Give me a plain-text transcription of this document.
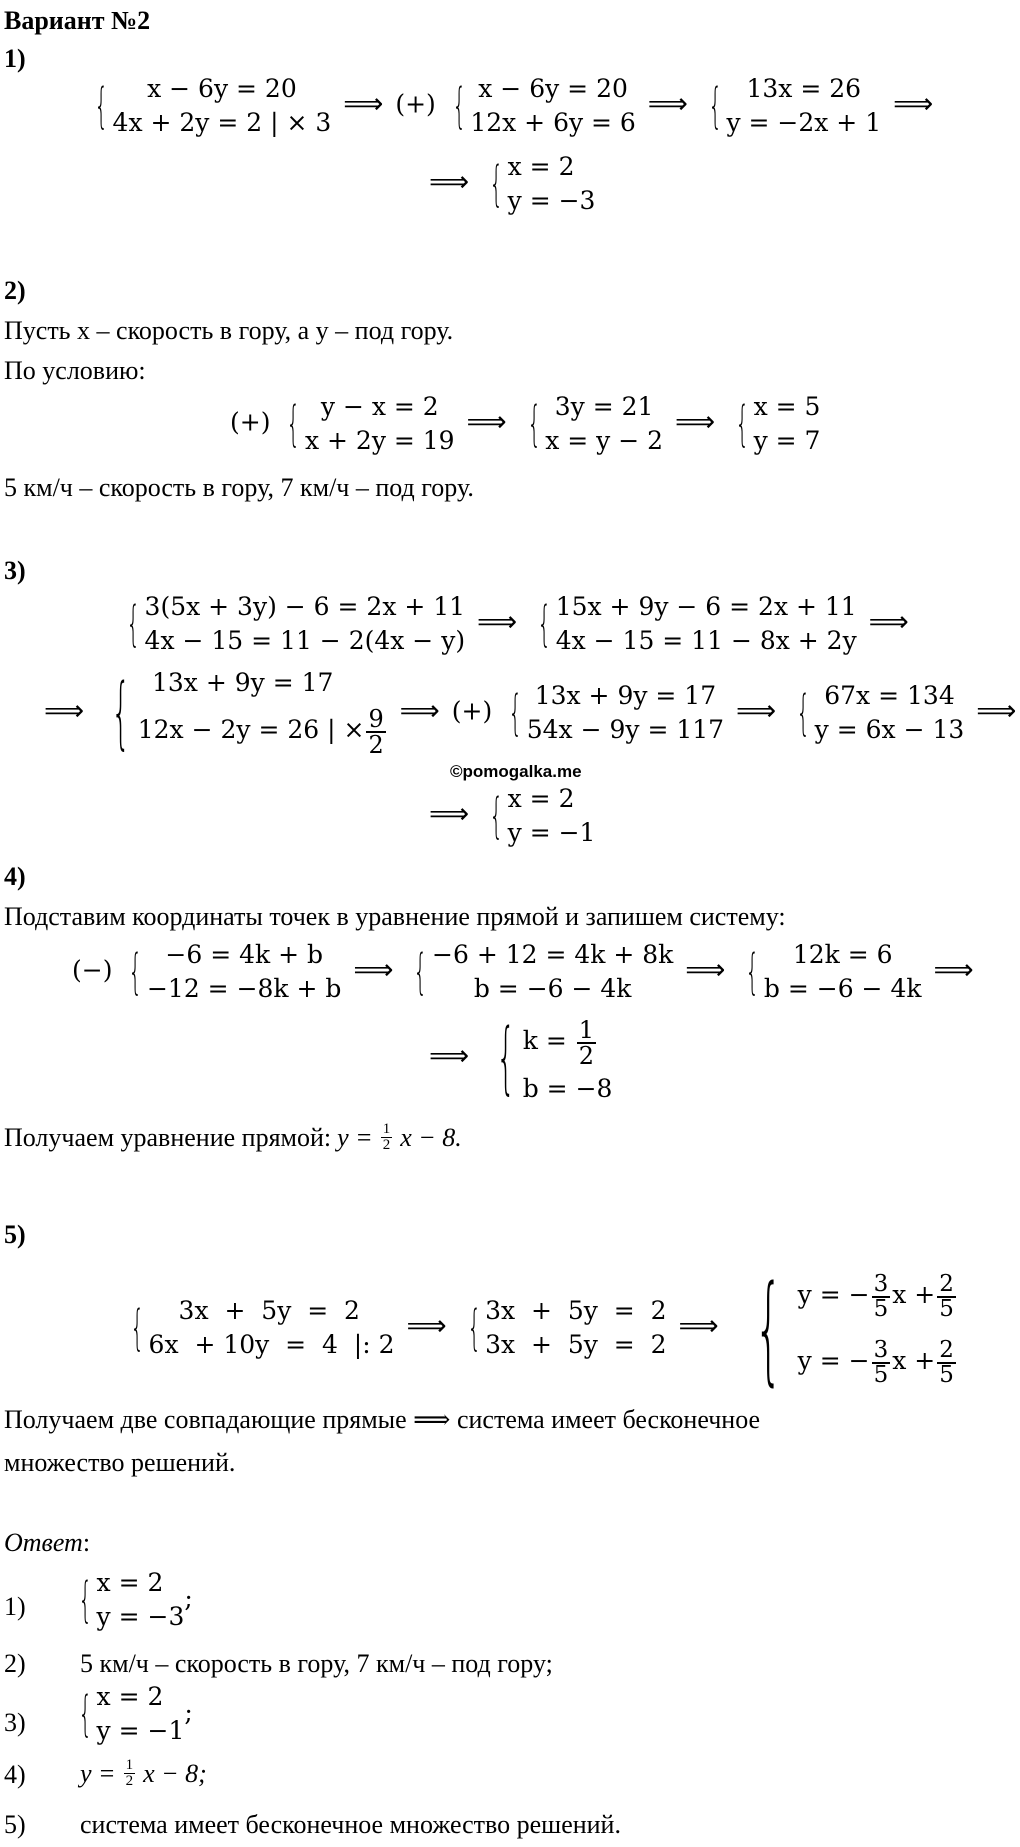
Вариант №2
1)
{	x − 6y = 20
4x + 2y = 2 | × 3
⟹ (+) { x − 6y = 20
12x + 6y = 6
⟹ { 13x = 26
y = −2x + 1
⟹
⟹ { x = 2
y = −3
2)
Пусть x – скорость в гору, а y – под гору.
По условию:
(+) { y − x = 2
x + 2y = 19
⟹ { 3y = 21
x = y − 2
⟹ { x = 5
y = 7
5 км/ч – скорость в гору, 7 км/ч – под гору.
3)
{ 3(5x + 3y) − 6 = 2x + 11
4x − 15 = 11 − 2(4x − y)
⟹ { 15x + 9y − 6 = 2x + 11
4x − 15 = 11 − 8x + 2y
⟹
⟹ { 13x + 9y = 17
12x − 2y = 26 | × $\frac{9}{2}$ ⟹ (+) { 13x + 9y = 17
54x − 9y = 117
⟹ { 67x = 134
y = 6x − 13
⟹
©pomogalka.me
⟹ { x = 2
y = −1
4)
Подставим координаты точек в уравнение прямой и запишем систему:
(−) { −6 = 4k + b
−12 = −8k + b
⟹ { −6 + 12 = 4k + 8k
b = −6 − 4k
⟹ {	12k = 6
b = −6 − 4k
⟹
⟹ { $k = \frac{1}{2}$
b = −8
Получаем уравнение прямой: $y = \frac{1}{2}$ x − 8.
5)
{	3x  +  5y  =  2
6x  + 10y  =  4  |: 2
⟹ { 3x  +  5y  =  2
3x  +  5y  =  2
⟹ { y = − $\frac{3}{5}$ $x + \frac{2}{5}$
y = − $\frac{3}{5}$ $x + \frac{2}{5}$
Получаем две совпадающие прямые ⟹ система имеет бесконечное
множество решений.
Ответ:
1) { x = 2
y = −3
;
2) 5 км/ч – скорость в гору, 7 км/ч – под гору;
3) { x = 2
y = −1
;
4) $y = \frac{1}{2}$ x − 8;
5) система имеет бесконечное множество решений.
